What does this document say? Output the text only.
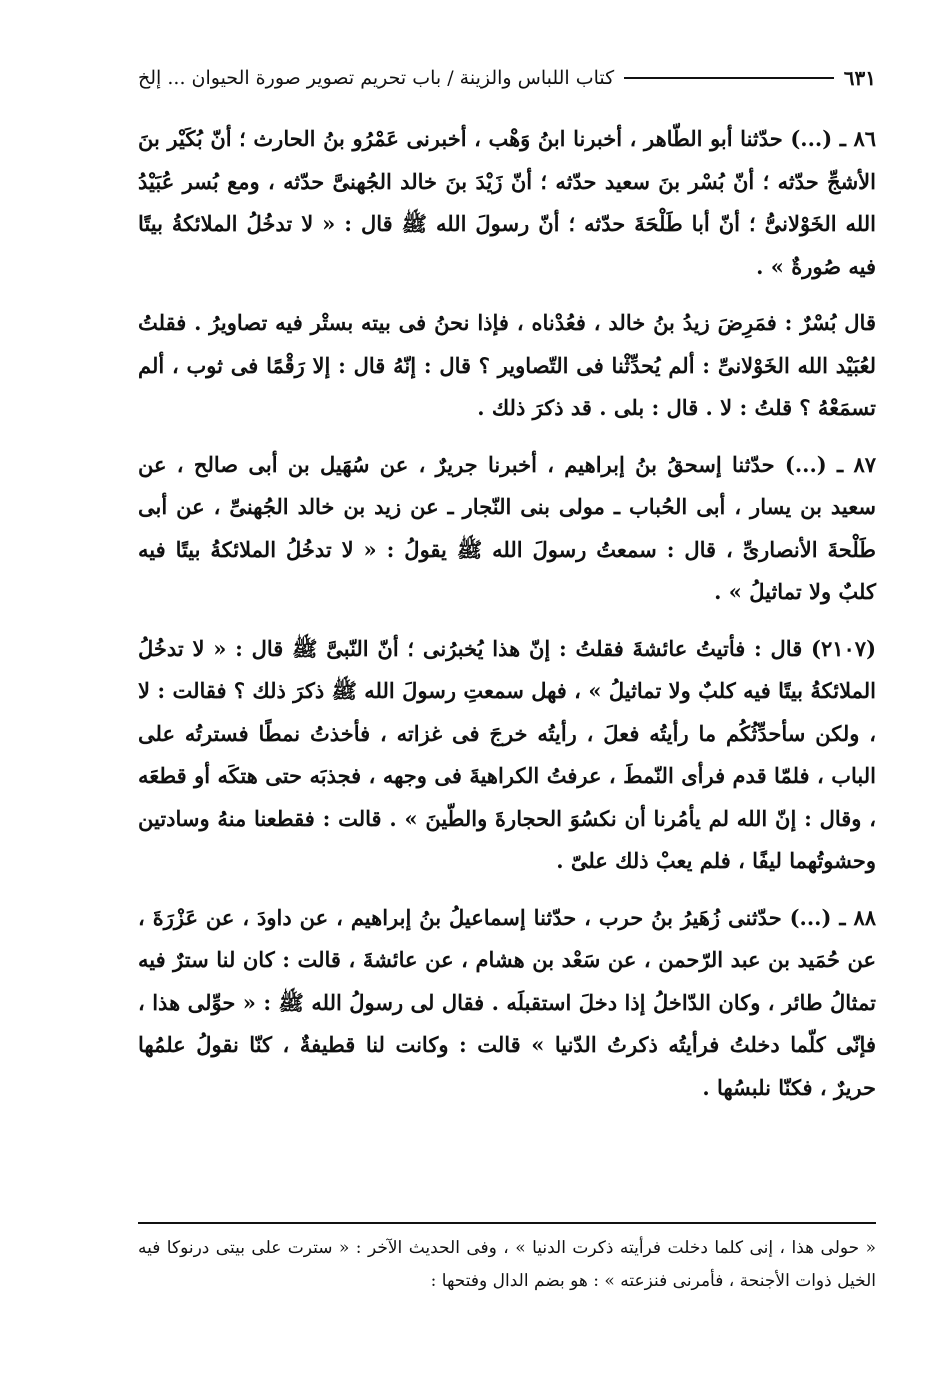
كتاب اللباس والزينة / باب تحريم تصوير صورة الحيوان ... إلخ	٦٣١

٨٦ ـ (...) حدّثنا أبو الطّاهر ، أخبرنا ابنُ وَهْب ، أخبرنى عَمْرُو بنُ الحارث ؛ أنّ بُكَيْر بنَ الأشجِّ حدّثه ؛ أنّ بُسْر بنَ سعيد حدّثه ؛ أنّ زَيْدَ بنَ خالد الجُهنىَّ حدّثه ، ومع بُسر عُبَيْدُ الله الخَوْلانىُّ ؛ أنّ أبا طَلْحَةَ حدّثه ؛ أنّ رسولَ الله ﷺ قال : « لا تدخُلُ الملائكةُ بيتًا فيه صُورةٌ » .

قال بُسْرٌ : فمَرِضَ زيدُ بنُ خالد ، فعُدْناه ، فإذا نحنُ فى بيته بستْر فيه تصاويرُ . فقلتُ لعُبَيْد الله الخَوْلانىِّ : ألم يُحدِّثْنا فى التّصاوير ؟ قال : إنّهُ قال : إلا رَقْمًا فى ثوب ، ألم تسمَعْهُ ؟ قلتُ : لا . قال : بلى . قد ذكرَ ذلك .

٨٧ ـ (...) حدّثنا إسحقُ بنُ إبراهيم ، أخبرنا جريرٌ ، عن سُهَيل بن أبى صالح ، عن سعيد بن يسار ، أبى الحُباب ـ مولى بنى النّجار ـ عن زيد بن خالد الجُهنىِّ ، عن أبى طَلْحةَ الأنصارىِّ ، قال : سمعتُ رسولَ الله ﷺ يقولُ : « لا تدخُلُ الملائكةُ بيتًا فيه كلبٌ ولا تماثيلُ » .

(٢١٠٧) قال : فأتيتُ عائشةَ فقلتُ : إنّ هذا يُخبرُنى ؛ أنّ النّبىَّ ﷺ قال : « لا تدخُلُ الملائكةُ بيتًا فيه كلبٌ ولا تماثيلُ » ، فهل سمعتِ رسولَ الله ﷺ ذكرَ ذلك ؟ فقالت : لا ، ولكن سأحدِّثُكُم ما رأيتُه فعلَ ، رأيتُه خرجَ فى غزاته ، فأخذتُ نمطًا فسترتُه على الباب ، فلمّا قدم فرأى النّمطَ ، عرفتُ الكراهيةَ فى وجهه ، فجذبَه حتى هتكَه أو قطعَه ، وقال : إنّ الله لم يأمُرنا أن نكسُوَ الحجارةَ والطّينَ » . قالت : فقطعنا منهُ وسادتين وحشوتُهما ليفًا ، فلم يعبْ ذلك علىّ .

٨٨ ـ (...) حدّثنى زُهَيرُ بنُ حرب ، حدّثنا إسماعيلُ بنُ إبراهيم ، عن داودَ ، عن عَزْرَةَ ، عن حُمَيد بن عبد الرّحمن ، عن سَعْد بن هشام ، عن عائشةَ ، قالت : كان لنا سترٌ فيه تمثالُ طائر ، وكان الدّاخلُ إذا دخلَ استقبلَه . فقال لى رسولُ الله ﷺ : « حوِّلى هذا ، فإنّى كلّما دخلتُ فرأيتُه ذكرتُ الدّنيا » قالت : وكانت لنا قطيفةٌ ، كنّا نقولُ علمُها حريرٌ ، فكنّا نلبسُها .

« حولى هذا ، إنى كلما دخلت فرأيته ذكرت الدنيا » ، وفى الحديث الآخر : « سترت على بيتى درنوكا فيه الخيل ذوات الأجنحة ، فأمرنى فنزعته » : هو بضم الدال وفتحها :
